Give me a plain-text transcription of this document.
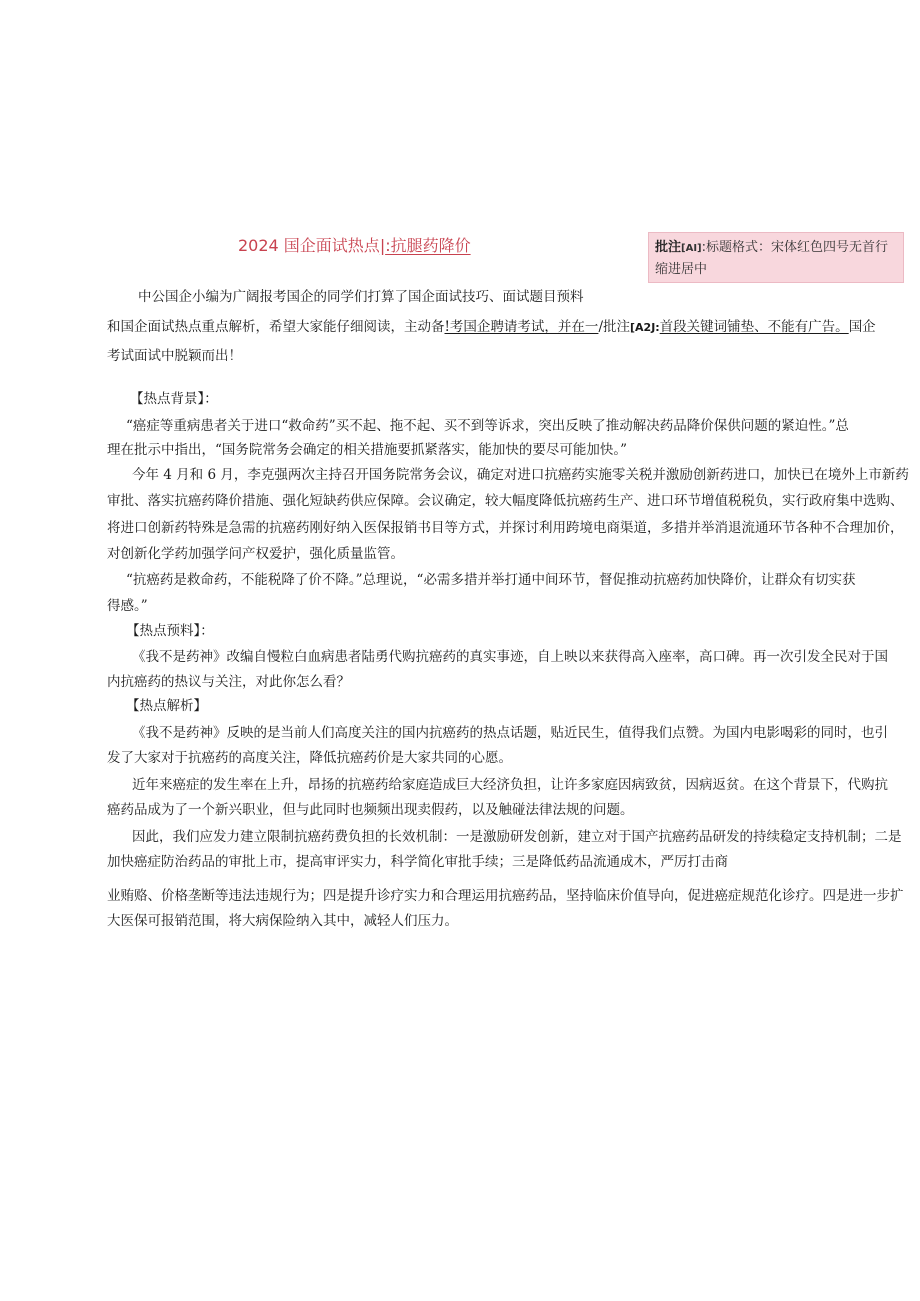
2024 国企面试热点|:抗腿药降价	批注[AI]:标题格式：宋体红色四号无首行缩进居中
中公国企小编为广阔报考国企的同学们打算了国企面试技巧、面试题目预料
和国企面试热点重点解析，希望大家能仔细阅读，主动备!考国企聘请考试，并在一/批注[A2J:首段关键词铺垫、不能有广告。国企
考试面试中脱颖而出！
【热点背景】：
“癌症等重病患者关于进口“救命药”买不起、拖不起、买不到等诉求，突出反映了推动解决药品降价保供问题的紧迫性。”总
理在批示中指出，“国务院常务会确定的相关措施要抓紧落实，能加快的要尽可能加快。”
今年 4 月和 6 月，李克强两次主持召开国务院常务会议，确定对进口抗癌药实施零关税并激励创新药进口，加快已在境外上市新药
审批、落实抗癌药降价措施、强化短缺药供应保障。会议确定，较大幅度降低抗癌药生产、进口环节增值税税负，实行政府集中选购、
将进口创新药特殊是急需的抗癌药刚好纳入医保报销书目等方式，并探讨利用跨境电商渠道，多措并举消退流通环节各种不合理加价，
对创新化学药加强学问产权爱护，强化质量监管。
“抗癌药是救命药，不能税降了价不降。”总理说，“必需多措并举打通中间环节，督促推动抗癌药加快降价，让群众有切实获
得感。”
【热点预料】：
《我不是药神》改编自慢粒白血病患者陆勇代购抗癌药的真实事迹，自上映以来获得高入座率，高口碑。再一次引发全民对于国
内抗癌药的热议与关注，对此你怎么看？
【热点解析】
《我不是药神》反映的是当前人们高度关注的国内抗癌药的热点话题，贴近民生，值得我们点赞。为国内电影喝彩的同时，也引
发了大家对于抗癌药的高度关注，降低抗癌药价是大家共同的心愿。
近年来癌症的发生率在上升，昂扬的抗癌药给家庭造成巨大经济负担，让许多家庭因病致贫，因病返贫。在这个背景下，代购抗
癌药品成为了一个新兴职业，但与此同时也频频出现卖假药，以及触碰法律法规的问题。
因此，我们应发力建立限制抗癌药费负担的长效机制：一是激励研发创新，建立对于国产抗癌药品研发的持续稳定支持机制；二是
加快癌症防治药品的审批上市，提高审评实力，科学简化审批手续；三是降低药品流通成木，严厉打击商
业贿赂、价格垄断等违法违规行为；四是提升诊疗实力和合理运用抗癌药品，坚持临床价值导向，促进癌症规范化诊疗。四是进一步扩
大医保可报销范围，将大病保险纳入其中，减轻人们压力。
